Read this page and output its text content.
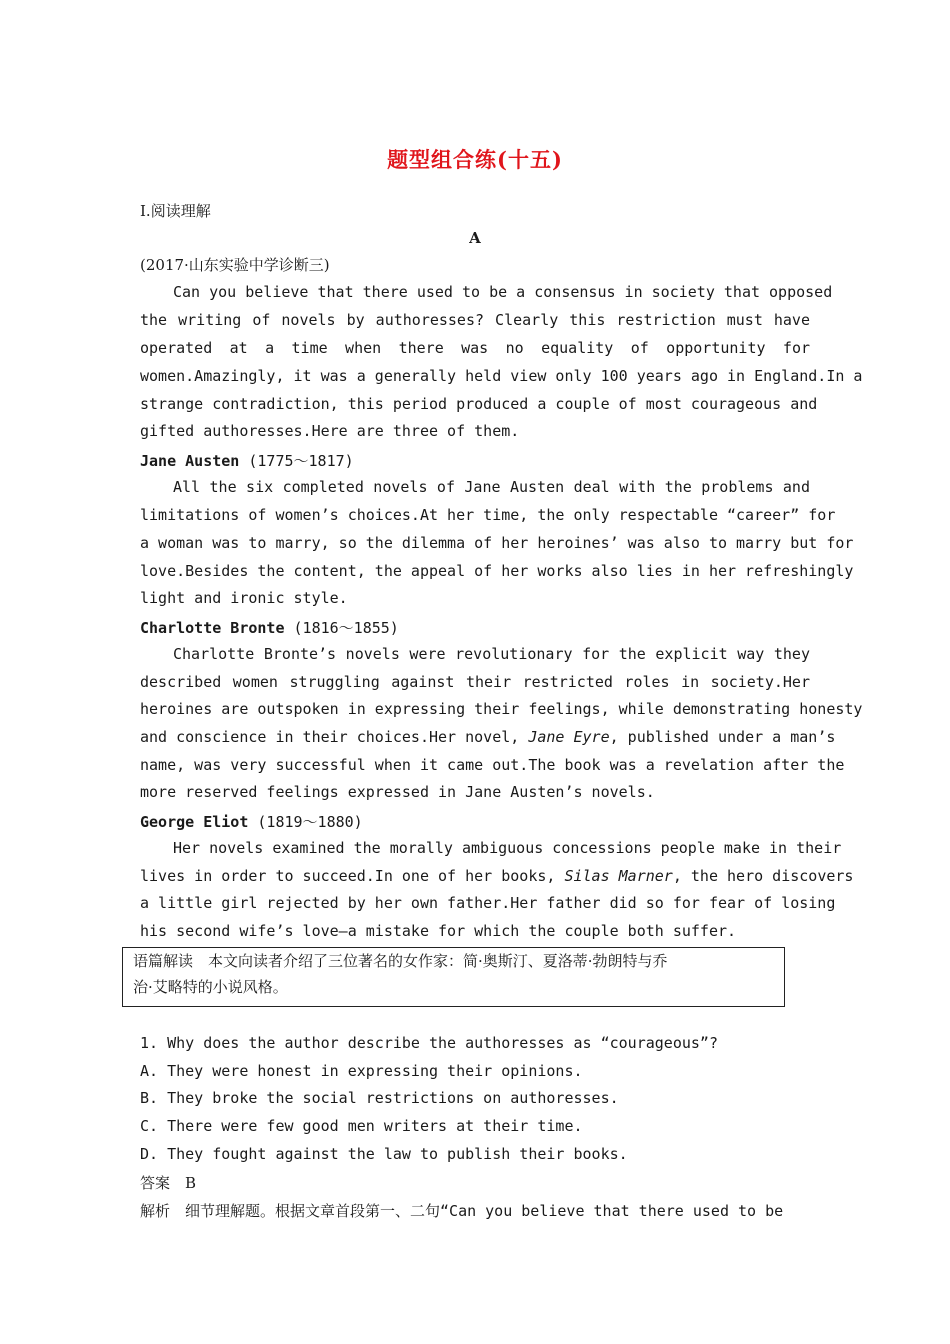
题型组合练(十五)
Ⅰ.阅读理解
A
(2017·山东实验中学诊断三)
Can you believe that there used to be a consensus in society that opposed
the writing of novels by authoresses? Clearly this restriction must have
operated at a time when there was no equality of opportunity for
women.Amazingly, it was a generally held view only 100 years ago in England.In a
strange contradiction, this period produced a couple of most courageous and
gifted authoresses.Here are three of them.
Jane Austen (1775～1817)
All the six completed novels of Jane Austen deal with the problems and
limitations of women’s choices.At her time, the only respectable “career” for
a woman was to marry, so the dilemma of her heroines’ was also to marry but for
love.Besides the content, the appeal of her works also lies in her refreshingly
light and ironic style.
Charlotte Bronte (1816～1855)
Charlotte Bronte’s novels were revolutionary for the explicit way they
described women struggling against their restricted roles in society.Her
heroines are outspoken in expressing their feelings, while demonstrating honesty
and conscience in their choices.Her novel, Jane Eyre, published under a man’s
name, was very successful when it came out.The book was a revelation after the
more reserved feelings expressed in Jane Austen’s novels.
George Eliot (1819～1880)
Her novels examined the morally ambiguous concessions people make in their
lives in order to succeed.In one of her books, Silas Marner, the hero discovers
a little girl rejected by her own father.Her father did so for fear of losing
his second wife’s love—a mistake for which the couple both suffer.
语篇解读　本文向读者介绍了三位著名的女作家：简·奥斯汀、夏洛蒂·勃朗特与乔
治·艾略特的小说风格。
1. Why does the author describe the authoresses as “courageous”?
A. They were honest in expressing their opinions.
B. They broke the social restrictions on authoresses.
C. There were few good men writers at their time.
D. They fought against the law to publish their books.
答案　B
解析　细节理解题。根据文章首段第一、二句“Can you believe that there used to be
